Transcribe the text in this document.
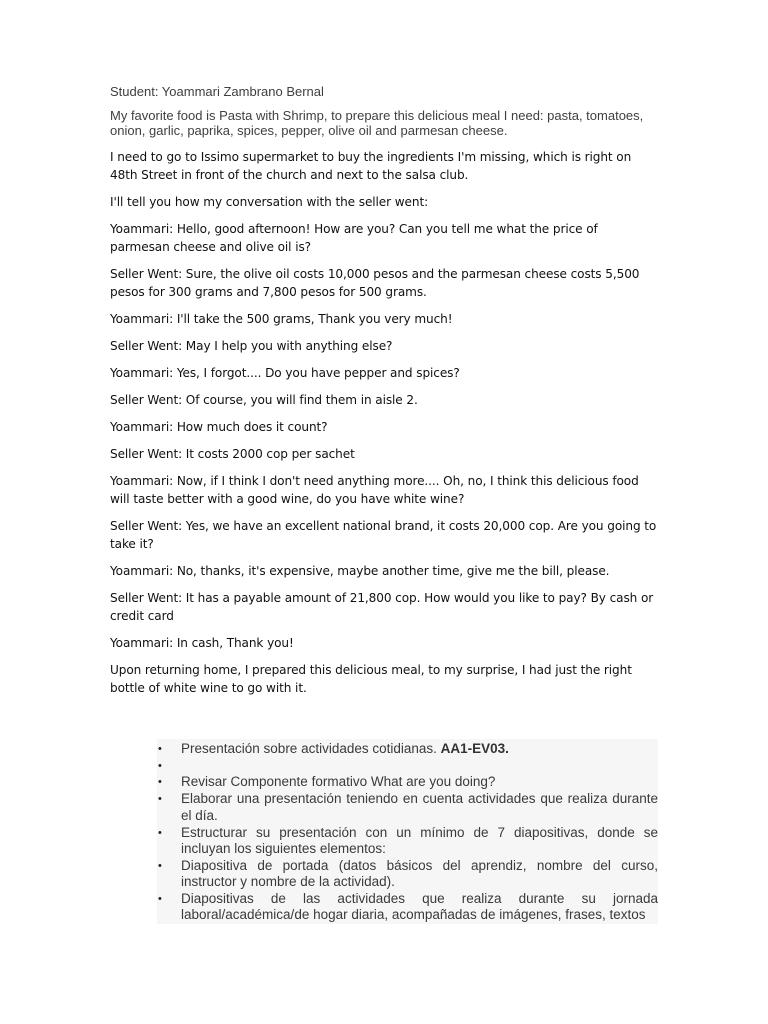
Student: Yoammari Zambrano Bernal

My favorite food is Pasta with Shrimp, to prepare this delicious meal I need: pasta, tomatoes, onion, garlic, paprika, spices, pepper, olive oil and parmesan cheese.

I need to go to Issimo supermarket to buy the ingredients I'm missing, which is right on 48th Street in front of the church and next to the salsa club.

I'll tell you how my conversation with the seller went:

Yoammari: Hello, good afternoon! How are you? Can you tell me what the price of parmesan cheese and olive oil is?

Seller Went: Sure, the olive oil costs 10,000 pesos and the parmesan cheese costs 5,500 pesos for 300 grams and 7,800 pesos for 500 grams.

Yoammari: I'll take the 500 grams, Thank you very much!

Seller Went: May I help you with anything else?

Yoammari: Yes, I forgot.... Do you have pepper and spices?

Seller Went: Of course, you will find them in aisle 2.

Yoammari: How much does it count?

Seller Went: It costs 2000 cop per sachet

Yoammari: Now, if I think I don't need anything more.... Oh, no, I think this delicious food will taste better with a good wine, do you have white wine?

Seller Went: Yes, we have an excellent national brand, it costs 20,000 cop. Are you going to take it?

Yoammari: No, thanks, it's expensive, maybe another time, give me the bill, please.

Seller Went: It has a payable amount of 21,800 cop. How would you like to pay? By cash or credit card

Yoammari: In cash, Thank you!

Upon returning home, I prepared this delicious meal, to my surprise, I had just the right bottle of white wine to go with it.

• Presentación sobre actividades cotidianas. AA1-EV03.
•
• Revisar Componente formativo What are you doing?
• Elaborar una presentación teniendo en cuenta actividades que realiza durante el día.
• Estructurar su presentación con un mínimo de 7 diapositivas, donde se incluyan los siguientes elementos:
• Diapositiva de portada (datos básicos del aprendiz, nombre del curso, instructor y nombre de la actividad).
• Diapositivas de las actividades que realiza durante su jornada laboral/académica/de hogar diaria, acompañadas de imágenes, frases, textos
